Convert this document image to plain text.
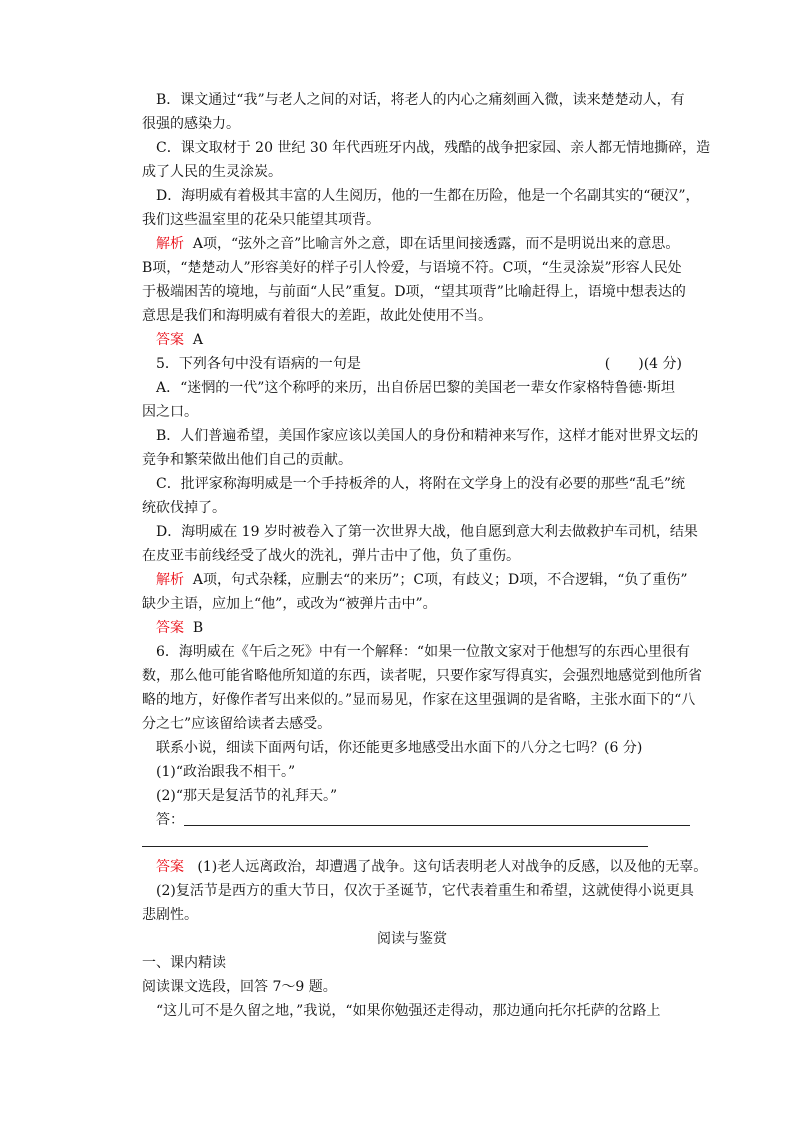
B．课文通过“我”与老人之间的对话，将老人的内心之痛刻画入微，读来楚楚动人，有
很强的感染力。
C．课文取材于 20 世纪 30 年代西班牙内战，残酷的战争把家园、亲人都无情地撕碎，造
成了人民的生灵涂炭。
D．海明威有着极其丰富的人生阅历，他的一生都在历险，他是一个名副其实的“硬汉”，
我们这些温室里的花朵只能望其项背。
解析 A项，“弦外之音”比喻言外之意，即在话里间接透露，而不是明说出来的意思。
B项，“楚楚动人”形容美好的样子引人怜爱，与语境不符。C项，“生灵涂炭”形容人民处
于极端困苦的境地，与前面“人民”重复。D项，“望其项背”比喻赶得上，语境中想表达的
意思是我们和海明威有着很大的差距，故此处使用不当。
答案 A
5．下列各句中没有语病的一句是	(　　)(4 分)
A．“迷惘的一代”这个称呼的来历，出自侨居巴黎的美国老一辈女作家格特鲁德·斯坦
因之口。
B．人们普遍希望，美国作家应该以美国人的身份和精神来写作，这样才能对世界文坛的
竞争和繁荣做出他们自己的贡献。
C．批评家称海明威是一个手持板斧的人，将附在文学身上的没有必要的那些“乱毛”统
统砍伐掉了。
D．海明威在 19 岁时被卷入了第一次世界大战，他自愿到意大利去做救护车司机，结果
在皮亚韦前线经受了战火的洗礼，弹片击中了他，负了重伤。
解析 A项，句式杂糅，应删去“的来历”；C项，有歧义；D项，不合逻辑，“负了重伤”
缺少主语，应加上“他”，或改为“被弹片击中”。
答案 B
6．海明威在《午后之死》中有一个解释：“如果一位散文家对于他想写的东西心里很有
数，那么他可能省略他所知道的东西，读者呢，只要作家写得真实，会强烈地感觉到他所省
略的地方，好像作者写出来似的。”显而易见，作家在这里强调的是省略，主张水面下的“八
分之七”应该留给读者去感受。
联系小说，细读下面两句话，你还能更多地感受出水面下的八分之七吗？(6 分)
(1)“政治跟我不相干。”
(2)“那天是复活节的礼拜天。”
答：
答案 (1)老人远离政治，却遭遇了战争。这句话表明老人对战争的反感，以及他的无辜。
(2)复活节是西方的重大节日，仅次于圣诞节，它代表着重生和希望，这就使得小说更具
悲剧性。
阅读与鉴赏
一、课内精读
阅读课文选段，回答 7～9 题。
“这儿可不是久留之地，”我说，“如果你勉强还走得动，那边通向托尔托萨的岔路上
